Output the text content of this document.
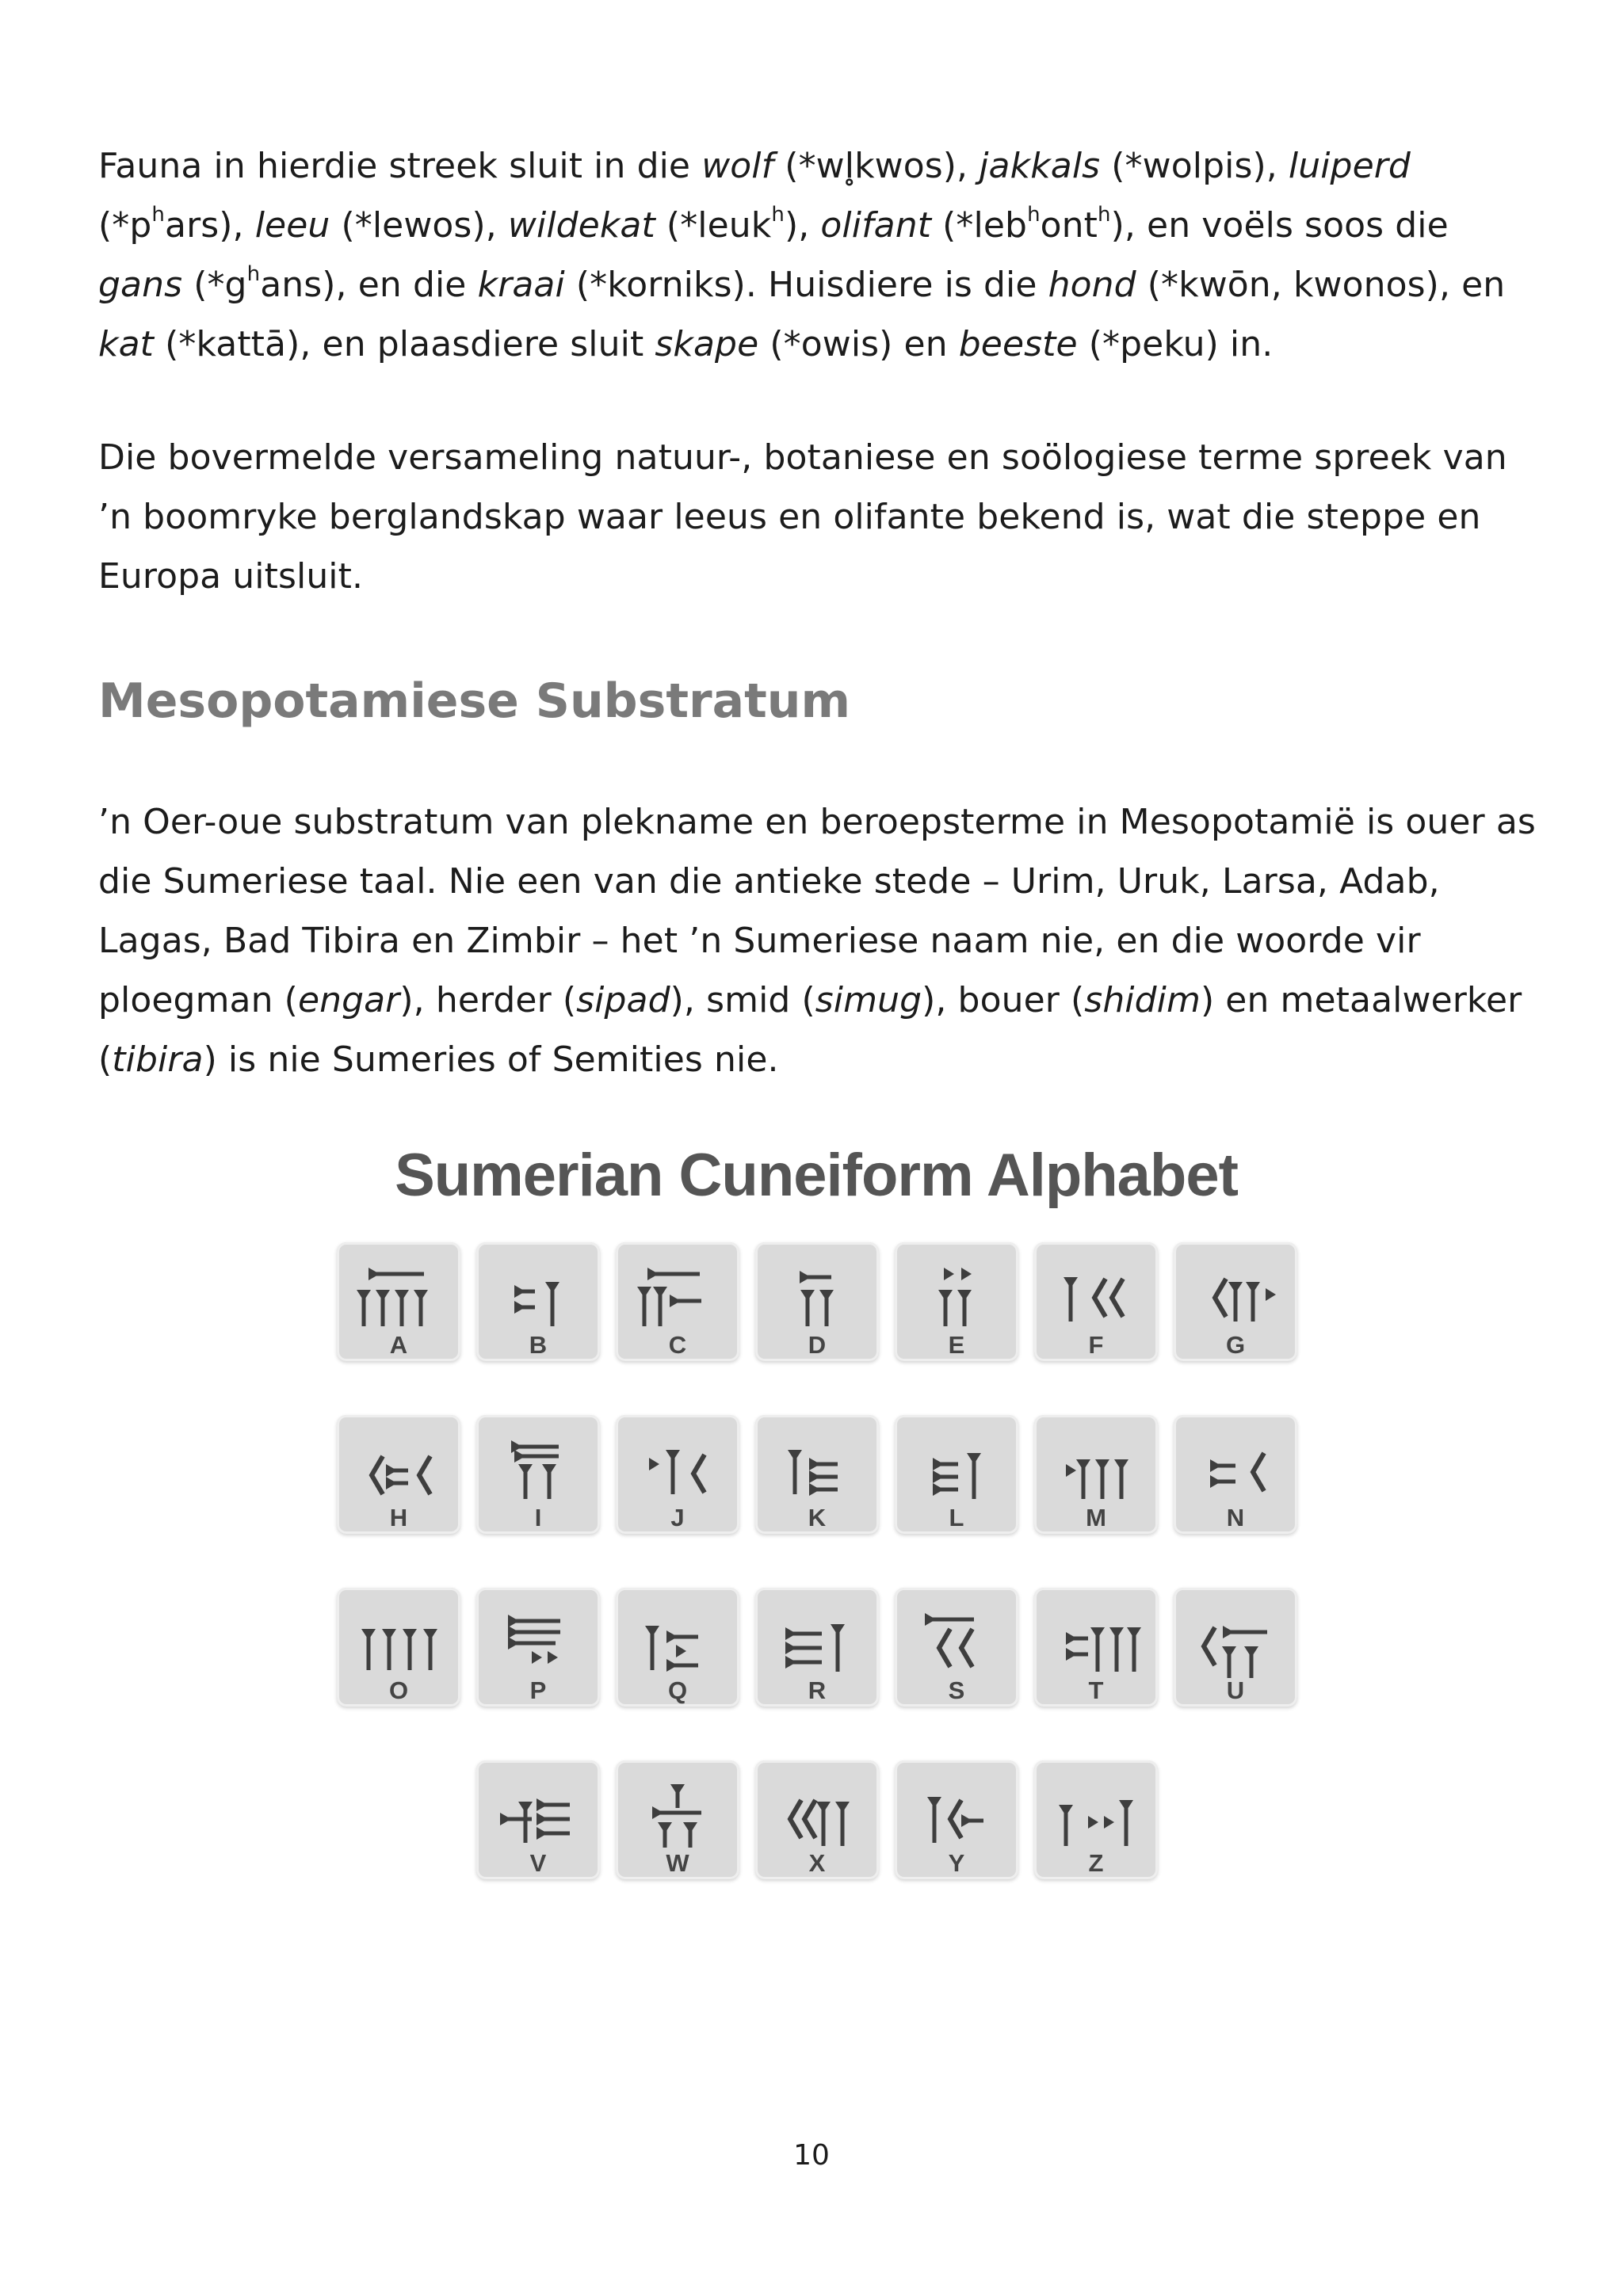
Fauna in hierdie streek sluit in die wolf (*wl̥kwos), jakkals (*wolpis), luiperd $(*p^hars)$, leeu (*lewos), wildekat (*leuk$^h$), olifant (*leb$^h$ont$^h$), en voëls soos die gans $(*g^hans)$, en die kraai (*korniks). Huisdiere is die hond (*kwōn, kwonos), en kat (*kattā), en plaasdiere sluit skape (*owis) en beeste (*peku) in.

Die bovermelde versameling natuur-, botaniese en soölogiese terme spreek van ’n boomryke berglandskap waar leeus en olifante bekend is, wat die steppe en Europa uitsluit.

Mesopotamiese Substratum

’n Oer-oue substratum van plekname en beroepsterme in Mesopotamië is ouer as die Sumeriese taal. Nie een van die antieke stede – Urim, Uruk, Larsa, Adab, Lagas, Bad Tibira en Zimbir – het ’n Sumeriese naam nie, en die woorde vir ploegman (engar), herder (sipad), smid (simug), bouer (shidim) en metaalwerker (tibira) is nie Sumeries of Semities nie.

Sumerian Cuneiform Alphabet
A	B	C	D	E	F	G
H	I	J	K	L	M	N
O	P	Q	R	S	T	U
V	W	X	Y	Z
10
